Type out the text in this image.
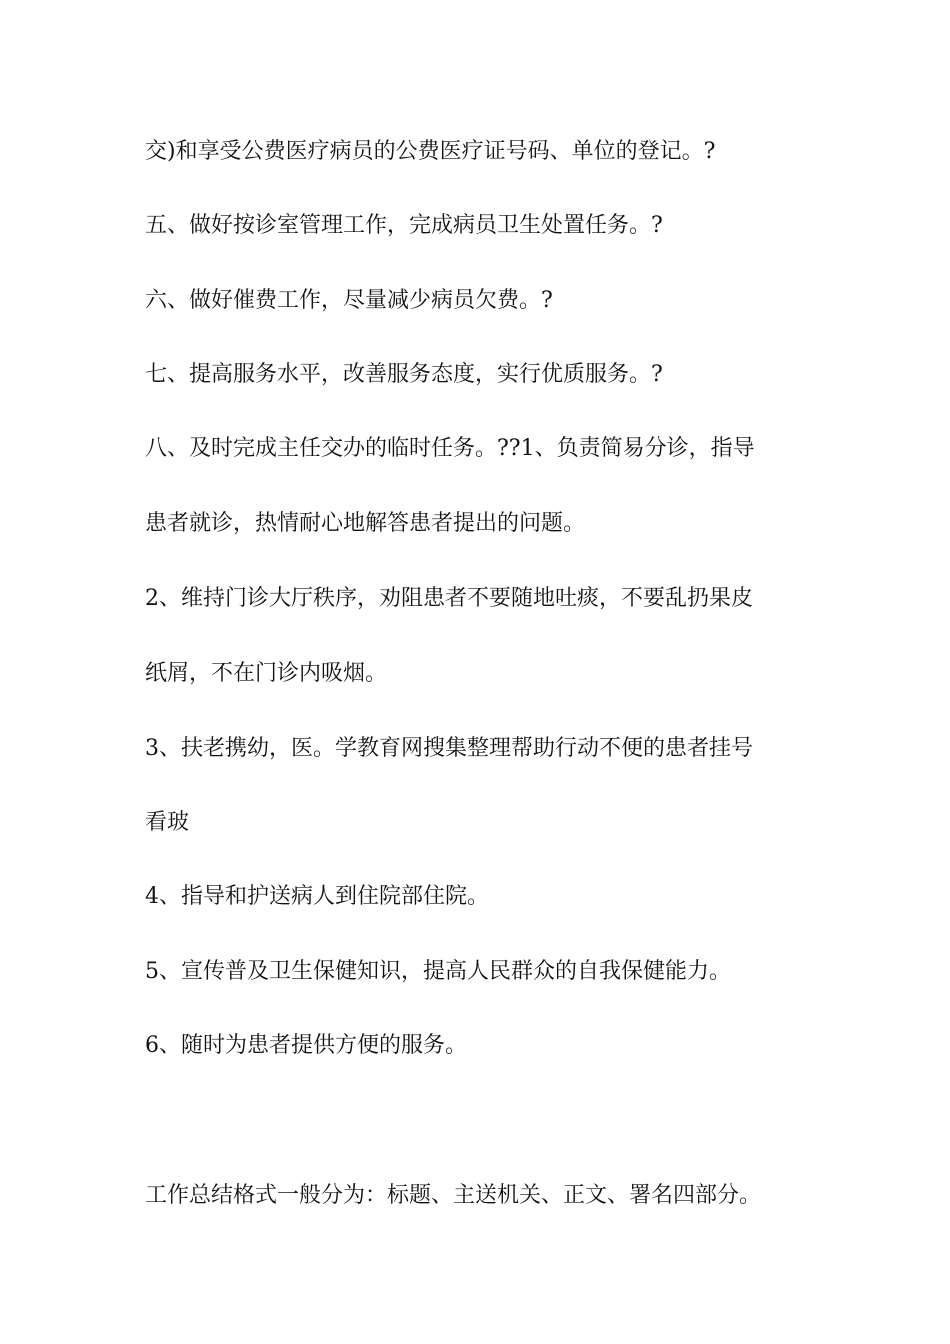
交)和享受公费医疗病员的公费医疗证号码、单位的登记。?
五、做好按诊室管理工作，完成病员卫生处置任务。?
六、做好催费工作，尽量减少病员欠费。?
七、提高服务水平，改善服务态度，实行优质服务。?
八、及时完成主任交办的临时任务。??1、负责简易分诊，指导
患者就诊，热情耐心地解答患者提出的问题。
2、维持门诊大厅秩序，劝阻患者不要随地吐痰，不要乱扔果皮
纸屑，不在门诊内吸烟。
3、扶老携幼，医。学教育网搜集整理帮助行动不便的患者挂号
看玻
4、指导和护送病人到住院部住院。
5、宣传普及卫生保健知识，提高人民群众的自我保健能力。
6、随时为患者提供方便的服务。
工作总结格式一般分为：标题、主送机关、正文、署名四部分。
